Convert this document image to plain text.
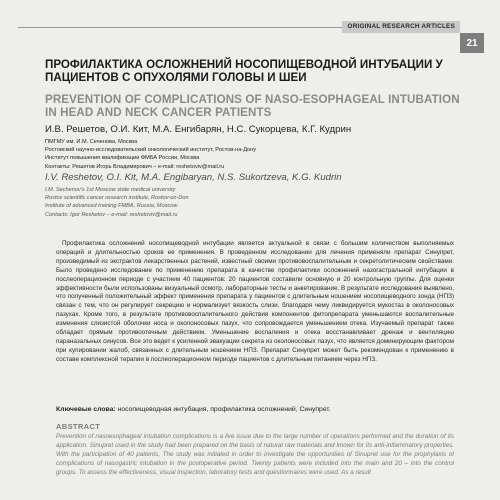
ORIGINAL RESEARCH ARTICLES
21
ПРОФИЛАКТИКА ОСЛОЖНЕНИЙ НОСОПИЩЕВОДНОЙ ИНТУБАЦИИ У ПАЦИЕНТОВ С ОПУХОЛЯМИ ГОЛОВЫ И ШЕИ
PREVENTION OF COMPLICATIONS OF NASO-ESOPHAGEAL INTUBATION IN HEAD AND NECK CANCER PATIENTS
И.В. Решетов, О.И. Кит, М.А. Енгибарян, Н.С. Сукорцева, К.Г. Кудрин
ПМГМУ им. И.М. Сеченова, Москва
Ростовский научно-исследовательский онкологический институт, Ростов-на-Дону
Институт повышения квалификации ФМБА России, Москва
Контакты: Решетов Игорь Владимирович – e-mail: reshetoviv@mail.ru
I.V. Reshetov, O.I. Kit, M.A. Engibaryan, N.S. Sukortzeva, K.G. Kudrin
I.M. Sechenov's 1st Moscow state medical university
Rostov scientific cancer research institute, Rostov-on-Don
Institute of advanced training FMBA, Russia, Moscow
Contacts: Igor Reshetov – e-mail: reshetoviv@mail.ru

Профилактика осложнений носопищеводной интубации является актуальной в связи с большим количеством выполняемых операций и длительностью сроков ее применения. В проведенном исследовании для лечения применяли препарат Синупрет, произведимый из экстрактов лекарственных растений, известный своими противовоспалительным и секретолитическим свойствами. Было проведено исследование по применению препарата в качестве профилактики осложнений назогастральной интубации в послеоперационном периоде с участием 40 пациентов: 20 пациентов составили основную и 20 контрольную группы. Для оценки эффективности были использованы визуальный осмотр, лабораторные тесты и анкетирование. В результате исследования выявлено, что полученный положительный эффект применения препарата у пациентов с длительным ношением носопищеводного зонда (НПЗ) связан с тем, что он регулирует секрецию и нормализует вязкость слизи, благодаря чему ликвидируется мукостаз в околоносовых пазухах. Кроме того, в результате противовоспалительного действия компонентов фитопрепарата уменьшаются воспалительные изменения слизистой оболочки носа и околоносовых пазух, что сопровождается уменьшением отека. Изучаемый препарат также обладает прямым противоотечным действием. Уменьшение воспаления и отека восстанавливает дренаж и вентиляцию параназальных синусов. Все это ведет к усиленной эвакуации секрета из околоносовых пазух, что является доминирующим фактором при купировании жалоб, связанных с длительным ношением НПЗ. Препарат Синупрет может быть рекомендован к применению в составе комплексной терапии в послеоперационном периоде пациентов с длительным питанием через НПЗ.

Ключевые слова: носопищеводная интубация, профилактика осложнений, Синупрет.
ABSTRACT

Prevention of nasoesophageal intubation complications is a live issue due to the large number of operations performed and the duration of its application. Sinupret used in the study had been prepared on the basis of natural raw materials and known for its anti-inflammatory properties. With the participation of 40 patients, The study was initiated in order to investigate the opportunities of Sinupret use for the prophylaxis of complications of nasogastric intubation in the postoperative period. Twenty patients were included into the main and 20 – into the control groups. To assess the effectiveness, visual inspection, laboratory tests and questionnaires were used. As a result
